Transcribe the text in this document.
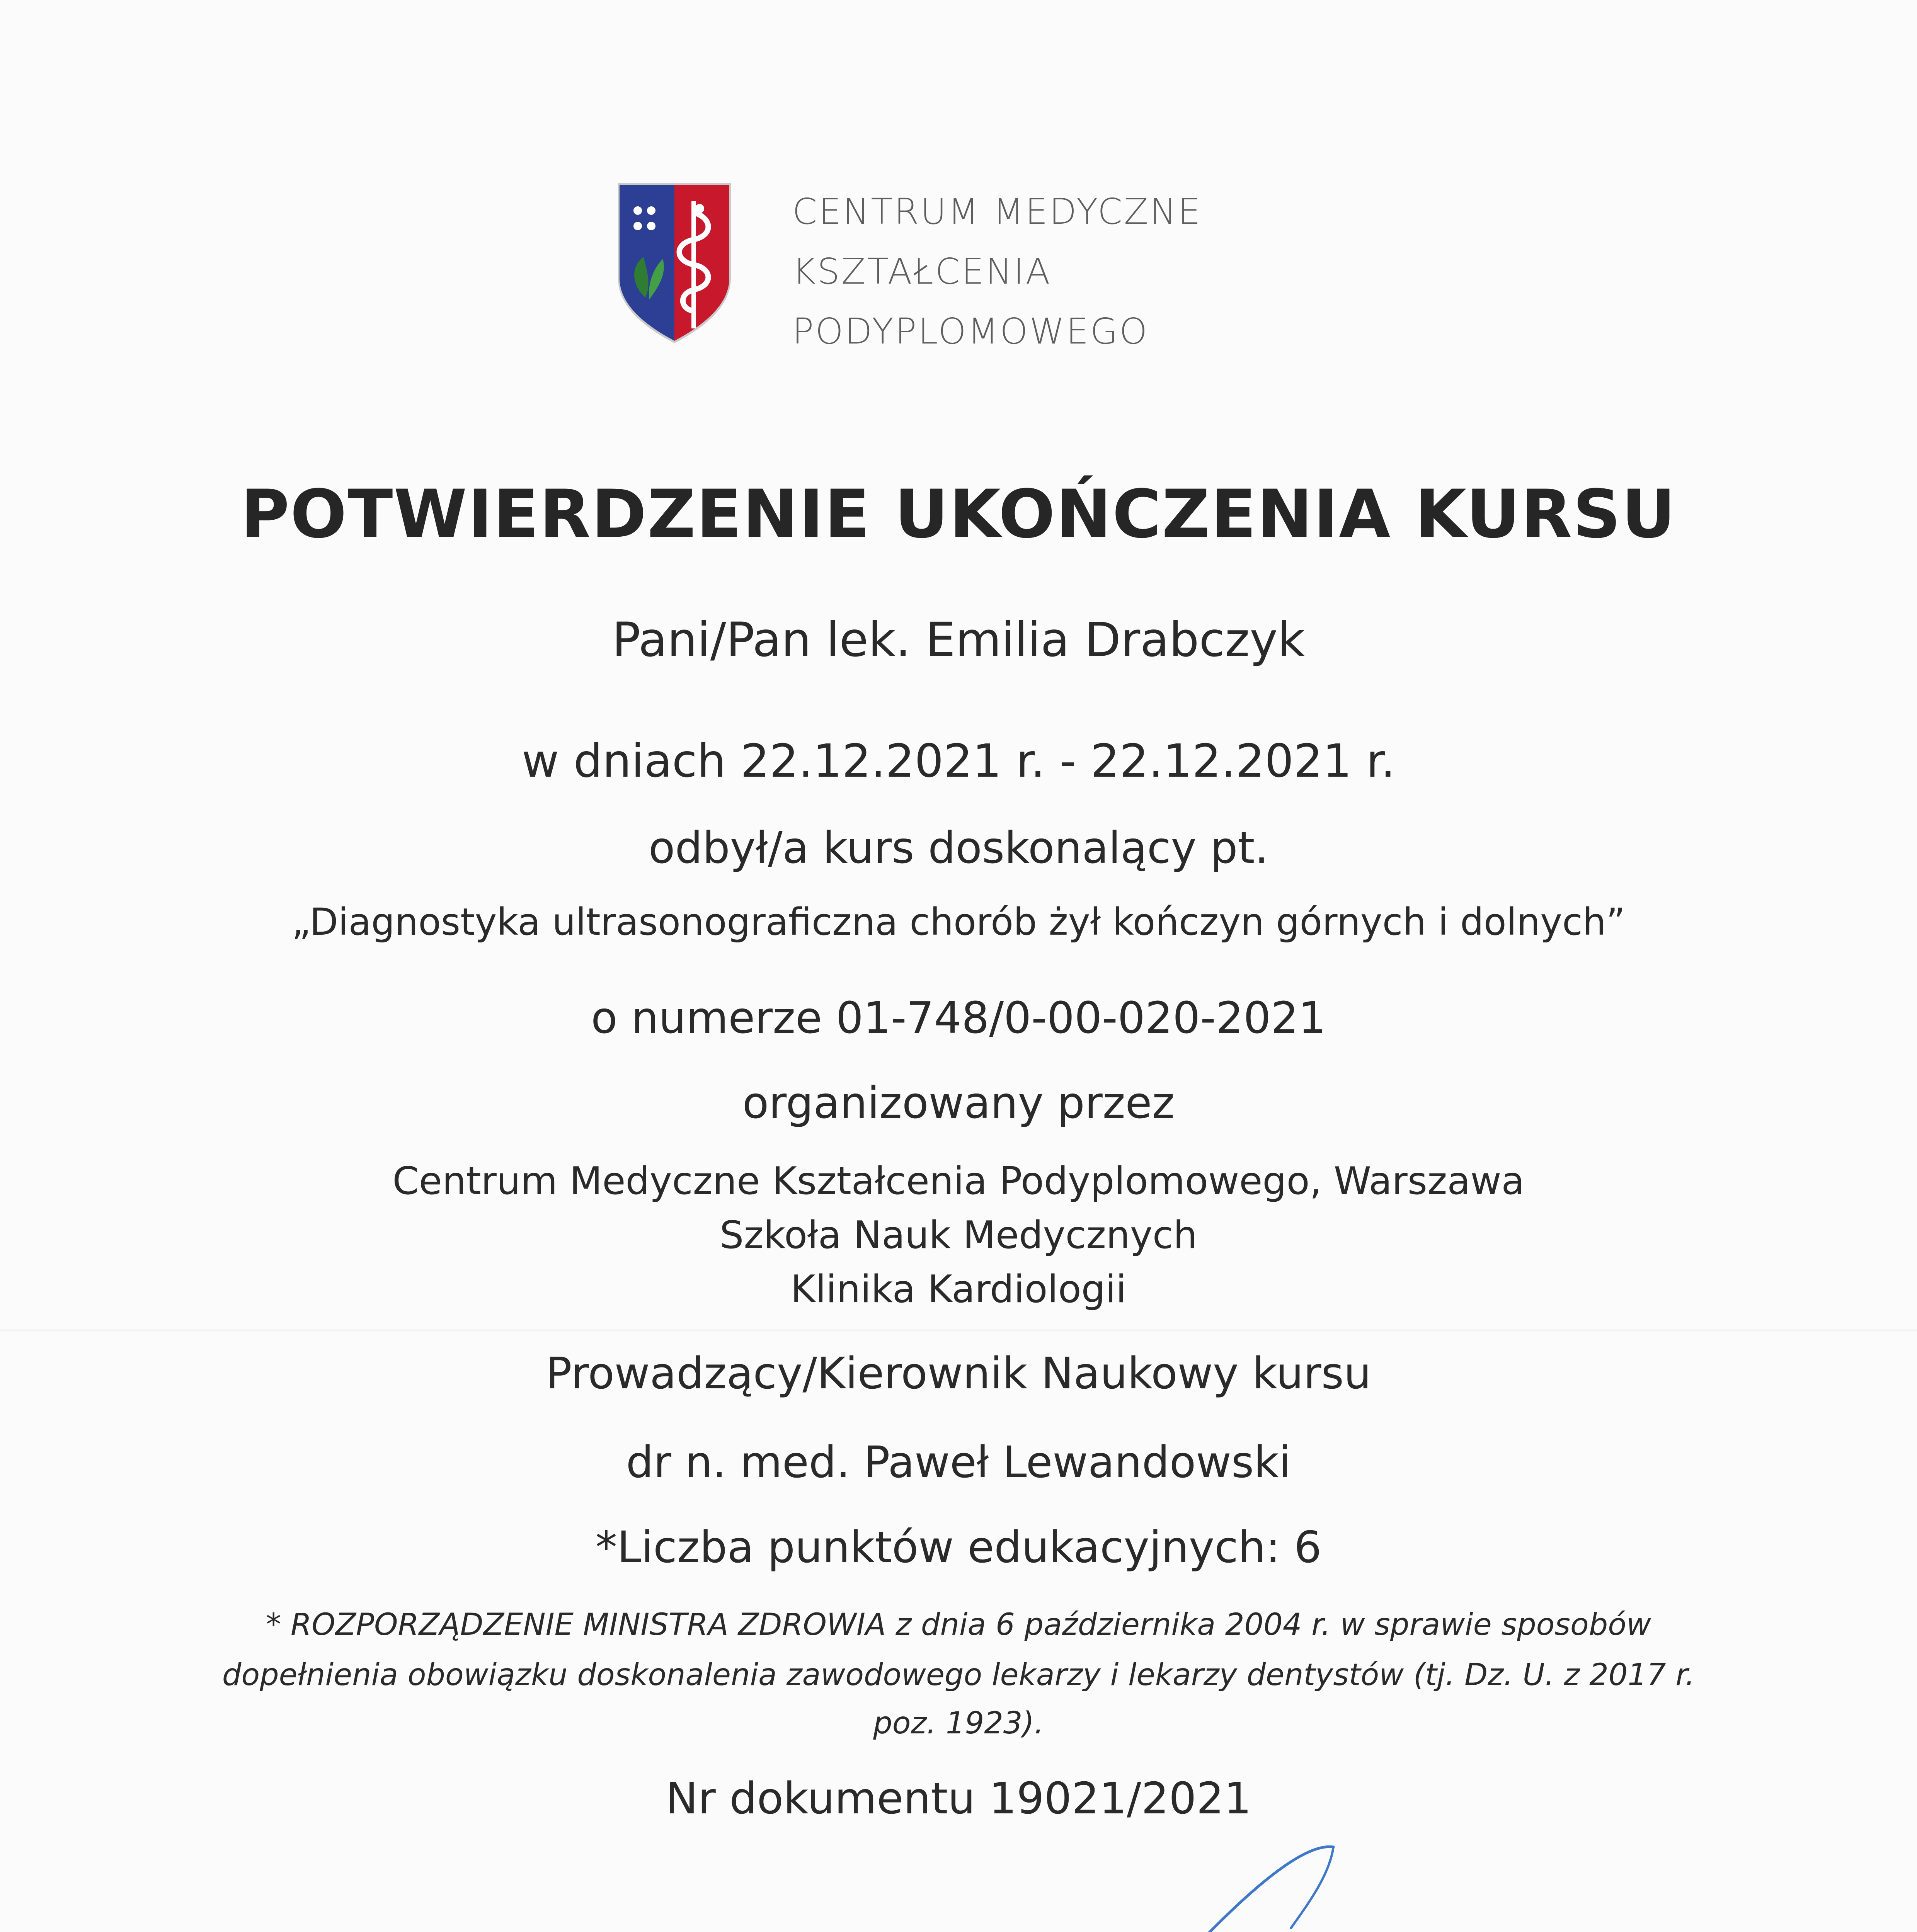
CENTRUM MEDYCZNE
KSZTAŁCENIA
PODYPLOMOWEGO
POTWIERDZENIE UKOŃCZENIA KURSU
Pani/Pan lek. Emilia Drabczyk
w dniach 22.12.2021 r. - 22.12.2021 r.
odbył/a kurs doskonalący pt.
„Diagnostyka ultrasonograficzna chorób żył kończyn górnych i dolnych”
o numerze 01-748/0-00-020-2021
organizowany przez
Centrum Medyczne Kształcenia Podyplomowego, Warszawa
Szkoła Nauk Medycznych
Klinika Kardiologii
Prowadzący/Kierownik Naukowy kursu
dr n. med. Paweł Lewandowski
*Liczba punktów edukacyjnych: 6
* ROZPORZĄDZENIE MINISTRA ZDROWIA z dnia 6 października 2004 r. w sprawie sposobów
dopełnienia obowiązku doskonalenia zawodowego lekarzy i lekarzy dentystów (tj. Dz. U. z 2017 r.
poz. 1923).
Nr dokumentu 19021/2021
